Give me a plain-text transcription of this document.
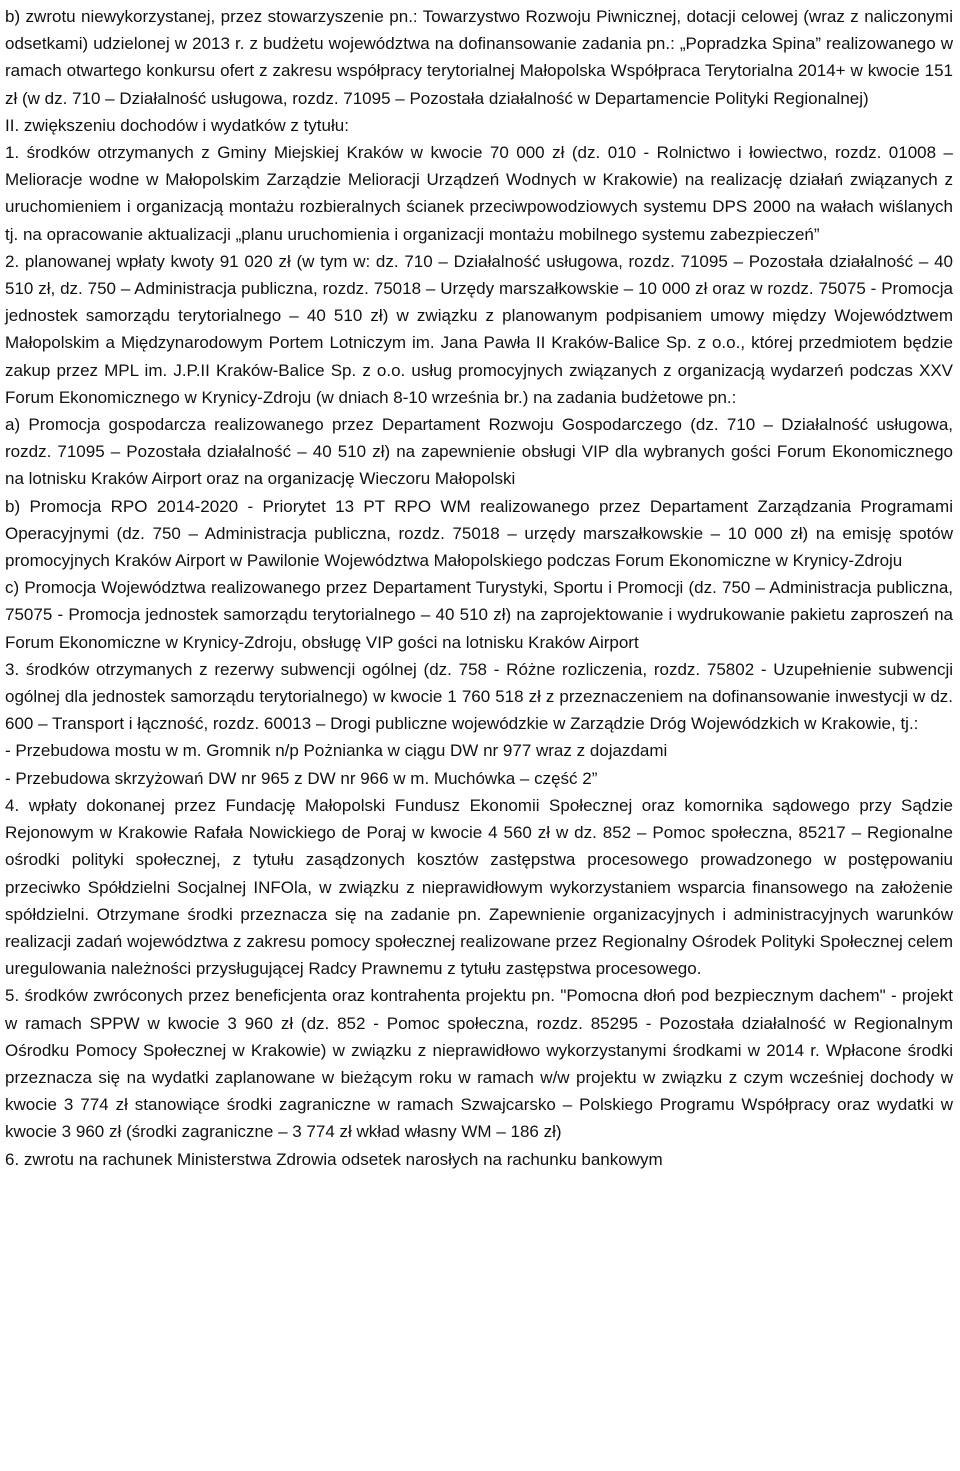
b) zwrotu niewykorzystanej, przez stowarzyszenie pn.: Towarzystwo Rozwoju Piwnicznej, dotacji celowej (wraz z naliczonymi odsetkami) udzielonej w 2013 r. z budżetu województwa na dofinansowanie zadania pn.: „Popradzka Spina” realizowanego w ramach otwartego konkursu ofert z zakresu współpracy terytorialnej Małopolska Współpraca Terytorialna 2014+ w kwocie 151 zł (w dz. 710 – Działalność usługowa, rozdz. 71095 – Pozostała działalność w Departamencie Polityki Regionalnej)

II. zwiększeniu dochodów i wydatków z tytułu:

1. środków otrzymanych z Gminy Miejskiej Kraków w kwocie 70 000 zł (dz. 010 - Rolnictwo i łowiectwo, rozdz. 01008 – Melioracje wodne w Małopolskim Zarządzie Melioracji Urządzeń Wodnych w Krakowie) na realizację działań związanych z uruchomieniem i organizacją montażu rozbieralnych ścianek przeciwpowodziowych systemu DPS 2000 na wałach wiślanych tj. na opracowanie aktualizacji „planu uruchomienia i organizacji montażu mobilnego systemu zabezpieczeń”

2. planowanej wpłaty kwoty 91 020 zł (w tym w: dz. 710 – Działalność usługowa, rozdz. 71095 – Pozostała działalność – 40 510 zł, dz. 750 – Administracja publiczna, rozdz. 75018 – Urzędy marszałkowskie – 10 000 zł oraz w rozdz. 75075 - Promocja jednostek samorządu terytorialnego – 40 510 zł) w związku z planowanym podpisaniem umowy między Województwem Małopolskim a Międzynarodowym Portem Lotniczym im. Jana Pawła II Kraków-Balice Sp. z o.o., której przedmiotem będzie zakup przez MPL im. J.P.II Kraków-Balice Sp. z o.o. usług promocyjnych związanych z organizacją wydarzeń podczas XXV Forum Ekonomicznego w Krynicy-Zdroju (w dniach 8-10 września br.) na zadania budżetowe pn.:

a) Promocja gospodarcza realizowanego przez Departament Rozwoju Gospodarczego (dz. 710 – Działalność usługowa, rozdz. 71095 – Pozostała działalność – 40 510 zł) na zapewnienie obsługi VIP dla wybranych gości Forum Ekonomicznego na lotnisku Kraków Airport oraz na organizację Wieczoru Małopolski

b) Promocja RPO 2014-2020 - Priorytet 13 PT RPO WM realizowanego przez Departament Zarządzania Programami Operacyjnymi (dz. 750 – Administracja publiczna, rozdz. 75018 – urzędy marszałkowskie – 10 000 zł) na emisję spotów promocyjnych Kraków Airport w Pawilonie Województwa Małopolskiego podczas Forum Ekonomiczne w Krynicy-Zdroju

c) Promocja Województwa realizowanego przez Departament Turystyki, Sportu i Promocji (dz. 750 – Administracja publiczna, 75075 - Promocja jednostek samorządu terytorialnego – 40 510 zł) na zaprojektowanie i wydrukowanie pakietu zaproszeń na Forum Ekonomiczne w Krynicy-Zdroju, obsługę VIP gości na lotnisku Kraków Airport

3. środków otrzymanych z rezerwy subwencji ogólnej (dz. 758 - Różne rozliczenia, rozdz. 75802 - Uzupełnienie subwencji ogólnej dla jednostek samorządu terytorialnego) w kwocie 1 760 518 zł z przeznaczeniem na dofinansowanie inwestycji w dz. 600 – Transport i łączność, rozdz. 60013 – Drogi publiczne wojewódzkie w Zarządzie Dróg Wojewódzkich w Krakowie, tj.:

- Przebudowa mostu w m. Gromnik n/p Pożnianka w ciągu DW nr 977 wraz z dojazdami

- Przebudowa skrzyżowań DW nr 965 z DW nr 966 w m. Muchówka – część 2”

4. wpłaty dokonanej przez Fundację Małopolski Fundusz Ekonomii Społecznej oraz komornika sądowego przy Sądzie Rejonowym w Krakowie Rafała Nowickiego de Poraj w kwocie 4 560 zł w dz. 852 – Pomoc społeczna, 85217 – Regionalne ośrodki polityki społecznej, z tytułu zasądzonych kosztów zastępstwa procesowego prowadzonego w postępowaniu przeciwko Spółdzielni Socjalnej INFOla, w związku z nieprawidłowym wykorzystaniem wsparcia finansowego na założenie spółdzielni. Otrzymane środki przeznacza się na zadanie pn. Zapewnienie organizacyjnych i administracyjnych warunków realizacji zadań województwa z zakresu pomocy społecznej realizowane przez Regionalny Ośrodek Polityki Społecznej celem uregulowania należności przysługującej Radcy Prawnemu z tytułu zastępstwa procesowego.

5. środków zwróconych przez beneficjenta oraz kontrahenta projektu pn. "Pomocna dłoń pod bezpiecznym dachem" - projekt w ramach SPPW w kwocie 3 960 zł (dz. 852 - Pomoc społeczna, rozdz. 85295 - Pozostała działalność w Regionalnym Ośrodku Pomocy Społecznej w Krakowie) w związku z nieprawidłowo wykorzystanymi środkami w 2014 r. Wpłacone środki przeznacza się na wydatki zaplanowane w bieżącym roku w ramach w/w projektu w związku z czym wcześniej dochody w kwocie 3 774 zł stanowiące środki zagraniczne w ramach Szwajcarsko – Polskiego Programu Współpracy oraz wydatki w kwocie 3 960 zł (środki zagraniczne – 3 774 zł wkład własny WM – 186 zł)

6. zwrotu na rachunek Ministerstwa Zdrowia odsetek narosłych na rachunku bankowym
